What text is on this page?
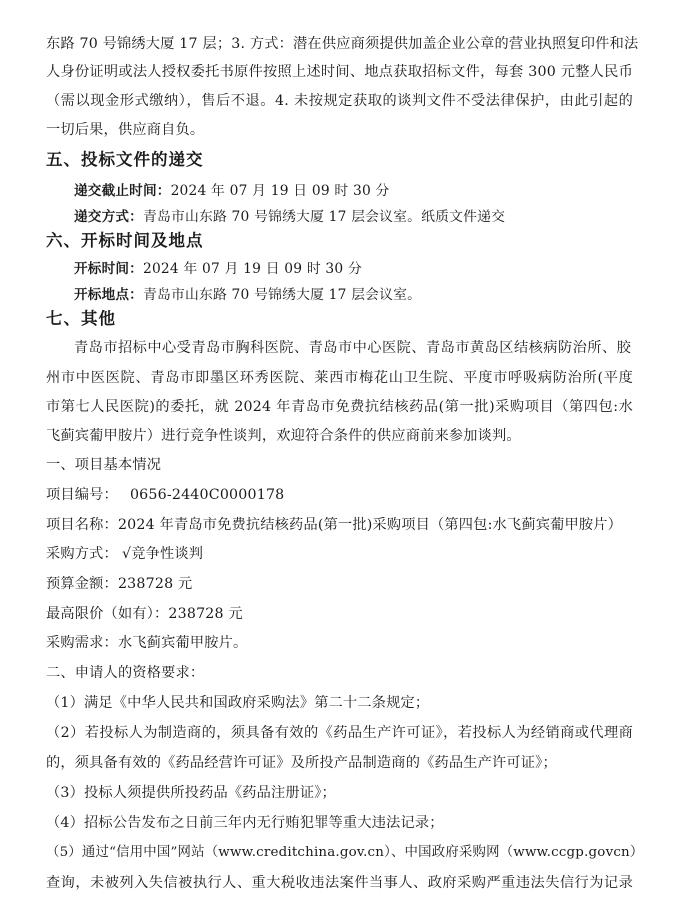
东路 70 号锦绣大厦 17 层；3. 方式：潜在供应商须提供加盖企业公章的营业执照复印件和法
人身份证明或法人授权委托书原件按照上述时间、地点获取招标文件，每套 300 元整人民币
（需以现金形式缴纳），售后不退。4. 未按规定获取的谈判文件不受法律保护，由此引起的
一切后果，供应商自负。
五、投标文件的递交
递交截止时间：2024 年 07 月 19 日 09 时 30 分
递交方式：青岛市山东路 70 号锦绣大厦 17 层会议室。纸质文件递交
六、开标时间及地点
开标时间：2024 年 07 月 19 日 09 时 30 分
开标地点：青岛市山东路 70 号锦绣大厦 17 层会议室。
七、其他
青岛市招标中心受青岛市胸科医院、青岛市中心医院、青岛市黄岛区结核病防治所、胶
州市中医医院、青岛市即墨区环秀医院、莱西市梅花山卫生院、平度市呼吸病防治所(平度
市第七人民医院)的委托，就 2024 年青岛市免费抗结核药品(第一批)采购项目（第四包:水
飞蓟宾葡甲胺片）进行竞争性谈判，欢迎符合条件的供应商前来参加谈判。
一、项目基本情况
项目编号： 0656-2440C0000178
项目名称：2024 年青岛市免费抗结核药品(第一批)采购项目（第四包:水飞蓟宾葡甲胺片）
采购方式： √竞争性谈判
预算金额：238728 元
最高限价（如有）：238728 元
采购需求：水飞蓟宾葡甲胺片。
二、申请人的资格要求：
（1）满足《中华人民共和国政府采购法》第二十二条规定；
（2）若投标人为制造商的，须具备有效的《药品生产许可证》，若投标人为经销商或代理商
的，须具备有效的《药品经营许可证》及所投产品制造商的《药品生产许可证》；
（3）投标人须提供所投药品《药品注册证》；
（4）招标公告发布之日前三年内无行贿犯罪等重大违法记录；
（5）通过“信用中国”网站（www.creditchina.gov.cn）、中国政府采购网（www.ccgp.govcn）
查询，未被列入失信被执行人、重大税收违法案件当事人、政府采购严重违法失信行为记录
